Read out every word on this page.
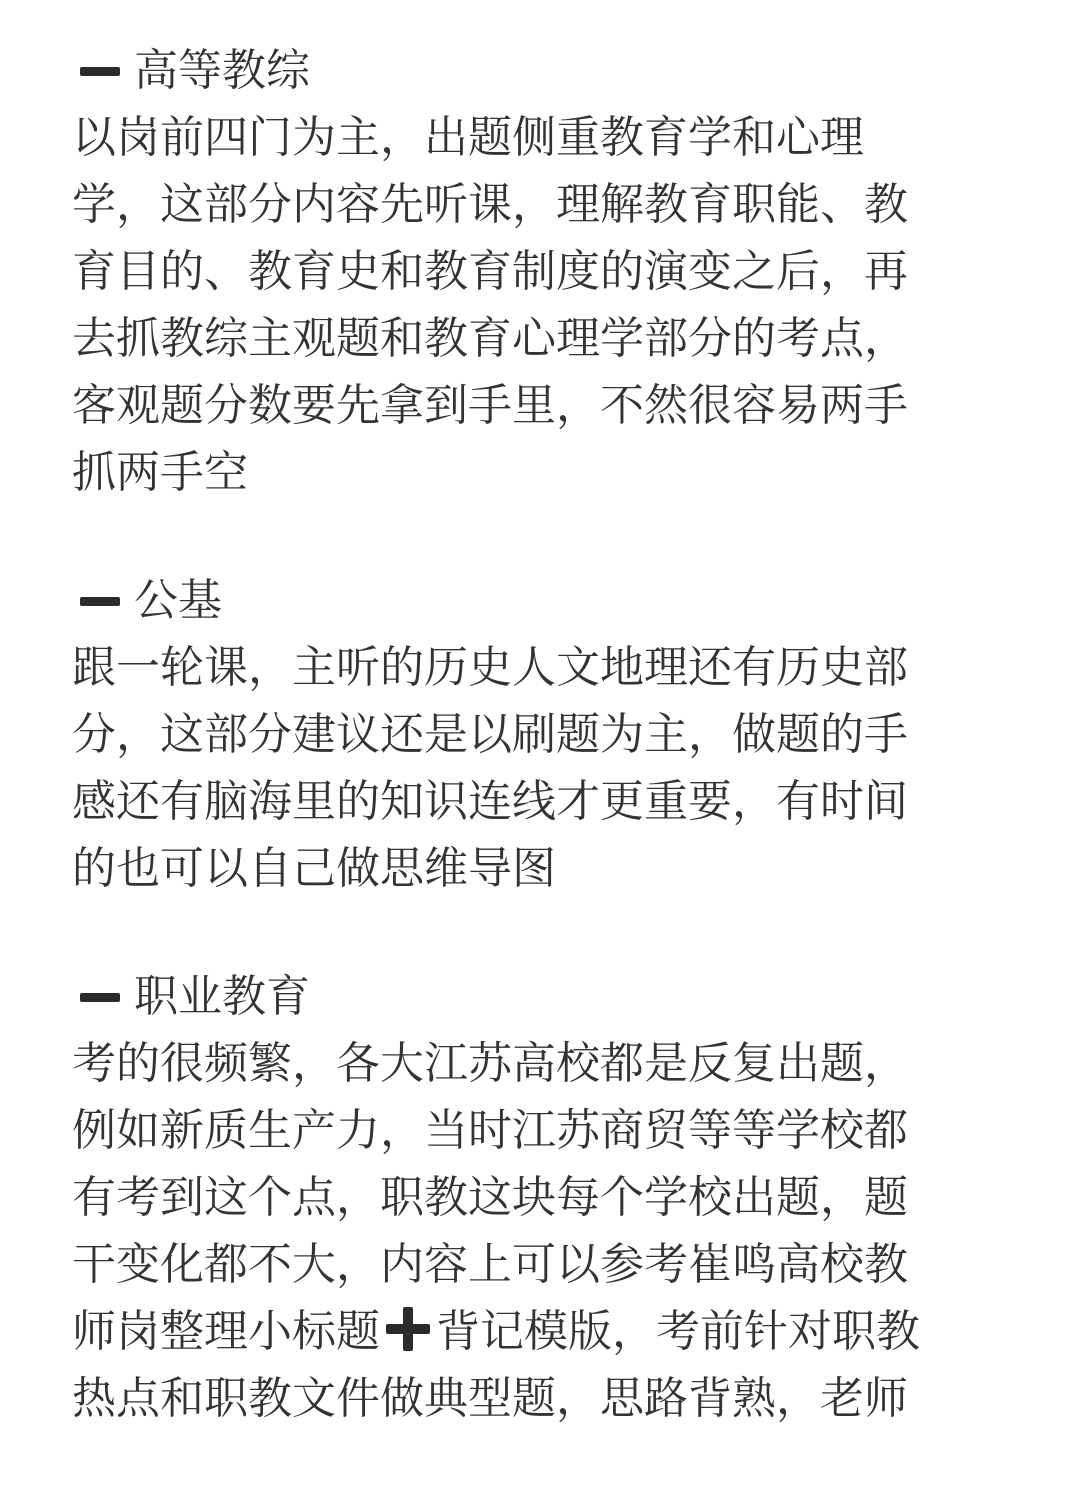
高等教综
以岗前四门为主，出题侧重教育学和心理
学，这部分内容先听课，理解教育职能、教
育目的、教育史和教育制度的演变之后，再
去抓教综主观题和教育心理学部分的考点，
客观题分数要先拿到手里，不然很容易两手
抓两手空
公基
跟一轮课，主听的历史人文地理还有历史部
分，这部分建议还是以刷题为主，做题的手
感还有脑海里的知识连线才更重要，有时间
的也可以自己做思维导图
职业教育
考的很频繁，各大江苏高校都是反复出题，
例如新质生产力，当时江苏商贸等等学校都
有考到这个点，职教这块每个学校出题，题
干变化都不大，内容上可以参考崔鸣高校教
师岗整理小标题 背记模版，考前针对职教
热点和职教文件做典型题，思路背熟，老师
